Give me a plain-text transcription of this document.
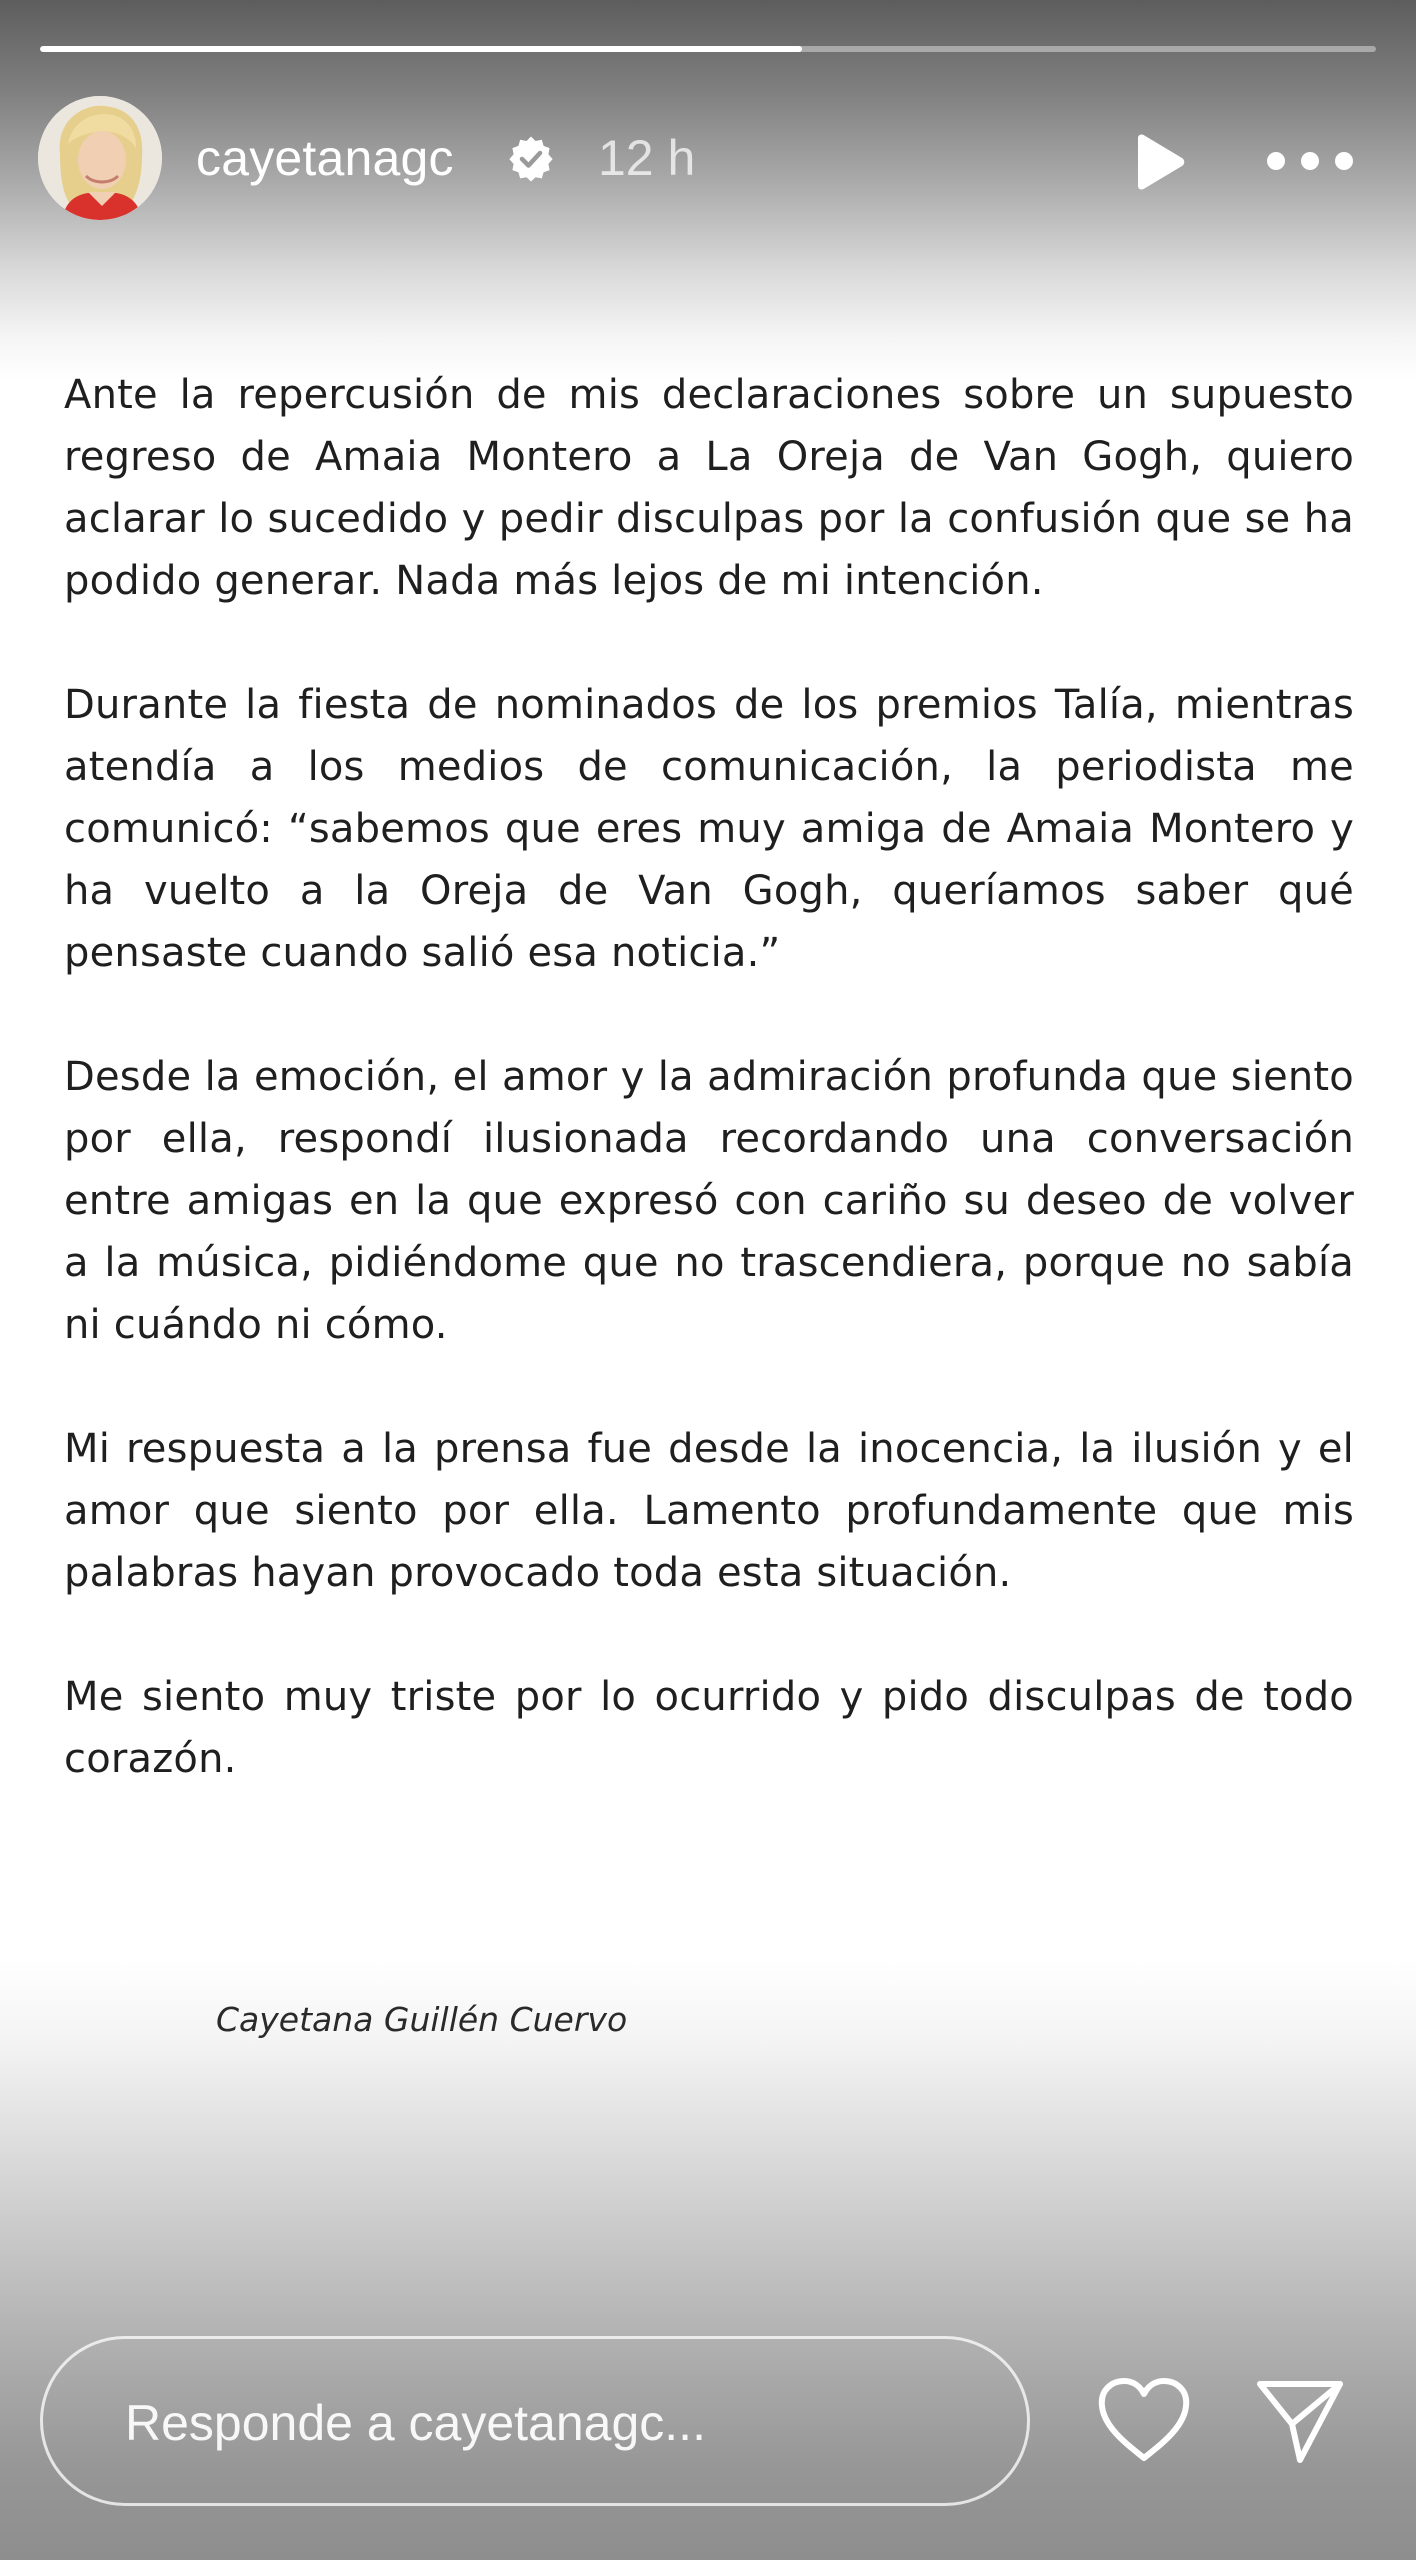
cayetanagc	12 h

Ante la repercusión de mis declaraciones sobre un supuesto regreso de Amaia Montero a La Oreja de Van Gogh, quiero aclarar lo sucedido y pedir disculpas por la confusión que se ha podido generar. Nada más lejos de mi intención.

Durante la fiesta de nominados de los premios Talía, mientras atendía a los medios de comunicación, la periodista me comunicó: “sabemos que eres muy amiga de Amaia Montero y ha vuelto a la Oreja de Van Gogh, queríamos saber qué pensaste cuando salió esa noticia.”

Desde la emoción, el amor y la admiración profunda que siento por ella, respondí ilusionada recordando una conversación entre amigas en la que expresó con cariño su deseo de volver a la música, pidiéndome que no trascendiera, porque no sabía ni cuándo ni cómo.

Mi respuesta a la prensa fue desde la inocencia, la ilusión y el amor que siento por ella. Lamento profundamente que mis palabras hayan provocado toda esta situación.

Me siento muy triste por lo ocurrido y pido disculpas de todo corazón.

Cayetana Guillén Cuervo
Responde a cayetanagc...
